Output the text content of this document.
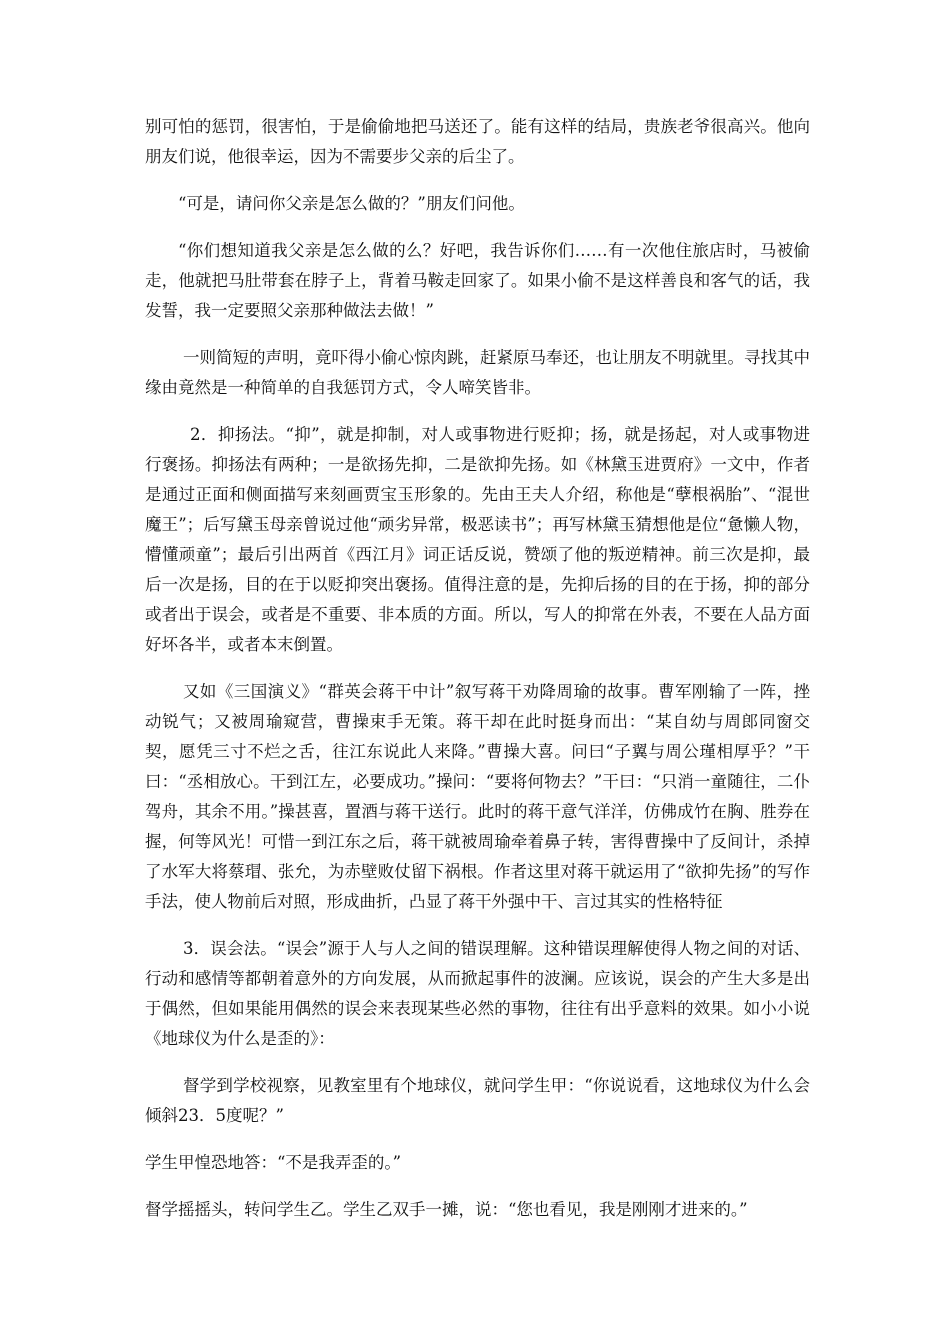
别可怕的惩罚，很害怕，于是偷偷地把马送还了。能有这样的结局，贵族老爷很高兴。他向朋友们说，他很幸运，因为不需要步父亲的后尘了。

“可是，请问你父亲是怎么做的？”朋友们问他。

“你们想知道我父亲是怎么做的么？好吧，我告诉你们……有一次他住旅店时，马被偷走，他就把马肚带套在脖子上，背着马鞍走回家了。如果小偷不是这样善良和客气的话，我发誓，我一定要照父亲那种做法去做！”

一则简短的声明，竟吓得小偷心惊肉跳，赶紧原马奉还，也让朋友不明就里。寻找其中缘由竟然是一种简单的自我惩罚方式，令人啼笑皆非。

2．抑扬法。“抑”，就是抑制，对人或事物进行贬抑；扬，就是扬起，对人或事物进行褒扬。抑扬法有两种；一是欲扬先抑，二是欲抑先扬。如《林黛玉进贾府》一文中，作者是通过正面和侧面描写来刻画贾宝玉形象的。先由王夫人介绍，称他是“孽根祸胎”、“混世魔王”；后写黛玉母亲曾说过他“顽劣异常，极恶读书”；再写林黛玉猜想他是位“惫懒人物，懵懂顽童”；最后引出两首《西江月》词正话反说，赞颂了他的叛逆精神。前三次是抑，最后一次是扬，目的在于以贬抑突出褒扬。值得注意的是，先抑后扬的目的在于扬，抑的部分或者出于误会，或者是不重要、非本质的方面。所以，写人的抑常在外表，不要在人品方面好坏各半，或者本末倒置。

又如《三国演义》“群英会蒋干中计”叙写蒋干劝降周瑜的故事。曹军刚输了一阵，挫动锐气；又被周瑜窥营，曹操束手无策。蒋干却在此时挺身而出：“某自幼与周郎同窗交契，愿凭三寸不烂之舌，往江东说此人来降。”曹操大喜。问曰“子翼与周公瑾相厚乎？”干曰：“丞相放心。干到江左，必要成功。”操问：“要将何物去？”干曰：“只消一童随往，二仆驾舟，其余不用。”操甚喜，置酒与蒋干送行。此时的蒋干意气洋洋，仿佛成竹在胸、胜券在握，何等风光！可惜一到江东之后，蒋干就被周瑜牵着鼻子转，害得曹操中了反间计，杀掉了水军大将蔡瑁、张允，为赤壁败仗留下祸根。作者这里对蒋干就运用了“欲抑先扬”的写作手法，使人物前后对照，形成曲折，凸显了蒋干外强中干、言过其实的性格特征

3．误会法。“误会”源于人与人之间的错误理解。这种错误理解使得人物之间的对话、行动和感情等都朝着意外的方向发展，从而掀起事件的波澜。应该说，误会的产生大多是出于偶然，但如果能用偶然的误会来表现某些必然的事物，往往有出乎意料的效果。如小小说《地球仪为什么是歪的》：

督学到学校视察，见教室里有个地球仪，就问学生甲：“你说说看，这地球仪为什么会倾斜23．5度呢？”

学生甲惶恐地答：“不是我弄歪的。”

督学摇摇头，转问学生乙。学生乙双手一摊，说：“您也看见，我是刚刚才进来的。”
